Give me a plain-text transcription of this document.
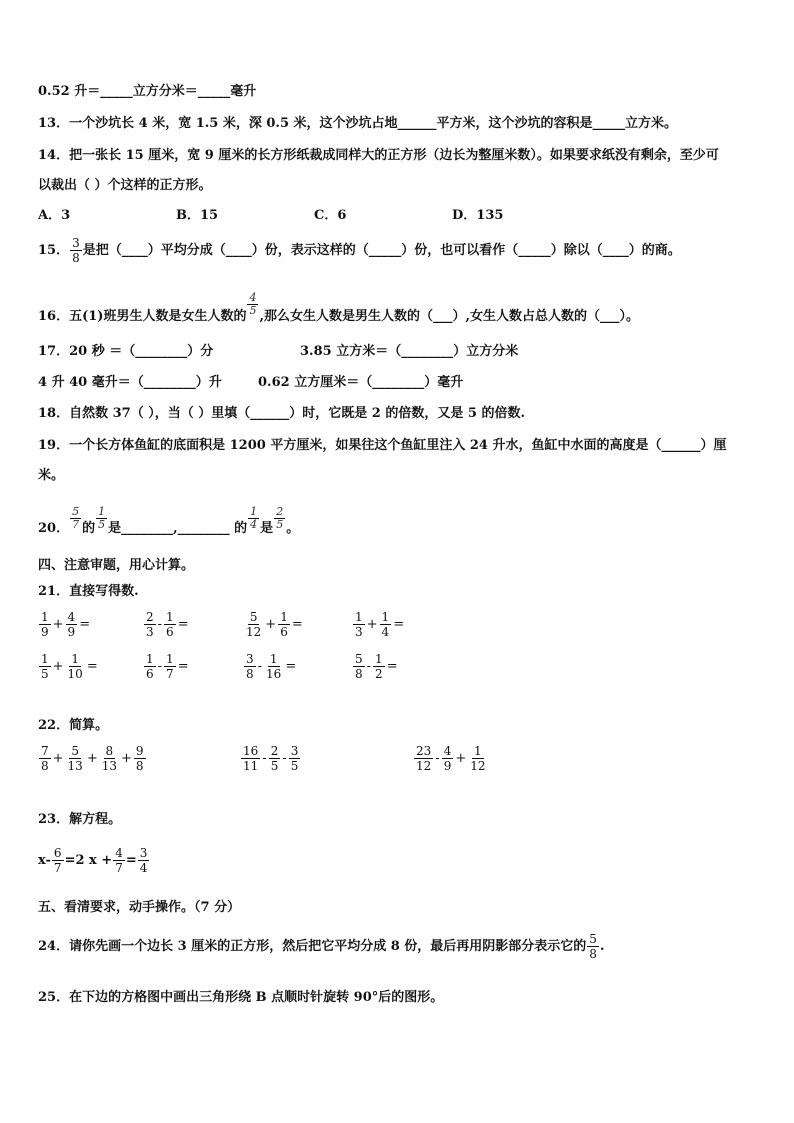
0.52 升＝_____立方分米＝_____毫升
13．一个沙坑长 4 米，宽 1.5 米，深 0.5 米，这个沙坑占地______平方米，这个沙坑的容积是_____立方米。
14．把一张长 15 厘米，宽 9 厘米的长方形纸裁成同样大的正方形（边长为整厘米数）。如果要求纸没有剩余，至少可
以裁出（ ）个这样的正方形。
A．3	B．15	C．6	D．135
15． $\frac{3}{8}$ 是把（____）平均分成（____）份，表示这样的（_____）份，也可以看作（_____）除以（____）的商。
16．五(1)班男生人数是女生人数的 $\frac{4}{5}$ ,那么女生人数是男生人数的（___）,女生人数占总人数的（___）。
17．20 秒 ＝（________）分	3.85 立方米＝（________）立方分米
4 升 40 毫升＝（________）升	0.62 立方厘米＝（________）毫升
18．自然数 37（ ），当（ ）里填（______）时，它既是 2 的倍数，又是 5 的倍数.
19．一个长方体鱼缸的底面积是 1200 平方厘米，如果往这个鱼缸里注入 24 升水，鱼缸中水面的高度是（______）厘
米。
20． $\frac{5}{7}$ 的 $\frac{1}{5}$ 是________,________ 的 $\frac{1}{4}$ 是 $\frac{2}{5}$ 。
四、注意审题，用心计算。
21．直接写得数.
$\frac{1}{9} + \frac{4}{9}$ =	$\frac{2}{3} - \frac{1}{6}$ =	$\frac{5}{12} + \frac{1}{6}$ =	$\frac{1}{3} + \frac{1}{4}$ =
$\frac{1}{5} + \frac{1}{10}$ =	$\frac{1}{6} - \frac{1}{7}$ =	$\frac{3}{8} - \frac{1}{16}$ =	$\frac{5}{8} - \frac{1}{2}$ =
22．简算。
$\frac{7}{8} + \frac{5}{13} + \frac{8}{13} + \frac{9}{8}$	$\frac{16}{11} - \frac{2}{5} - \frac{3}{5}$	$\frac{23}{12} - \frac{4}{9} + \frac{1}{12}$
23．解方程。
$x- \frac{6}{7} =2$ $x + \frac{4}{7} = \frac{3}{4}$
五、看清要求，动手操作。（7 分）
24．请你先画一个边长 3 厘米的正方形，然后把它平均分成 8 份，最后再用阴影部分表示它的 $\frac{5}{8}$ .
25．在下边的方格图中画出三角形绕 B 点顺时针旋转 90°后的图形。
